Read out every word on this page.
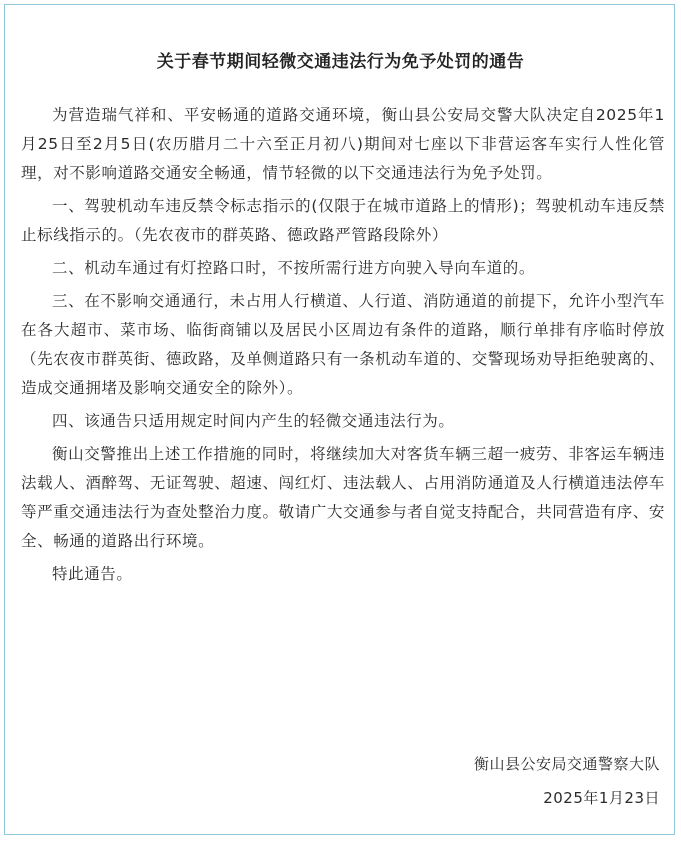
关于春节期间轻微交通违法行为免予处罚的通告

为营造瑞气祥和、平安畅通的道路交通环境，衡山县公安局交警大队决定自2025年1月25日至2月5日(农历腊月二十六至正月初八)期间对七座以下非营运客车实行人性化管理，对不影响道路交通安全畅通，情节轻微的以下交通违法行为免予处罚。

一、驾驶机动车违反禁令标志指示的(仅限于在城市道路上的情形)；驾驶机动车违反禁止标线指示的。（先农夜市的群英路、德政路严管路段除外）

二、机动车通过有灯控路口时，不按所需行进方向驶入导向车道的。

三、在不影响交通通行，未占用人行横道、人行道、消防通道的前提下，允许小型汽车在各大超市、菜市场、临街商铺以及居民小区周边有条件的道路，顺行单排有序临时停放（先农夜市群英街、德政路，及单侧道路只有一条机动车道的、交警现场劝导拒绝驶离的、造成交通拥堵及影响交通安全的除外）。

四、该通告只适用规定时间内产生的轻微交通违法行为。

衡山交警推出上述工作措施的同时，将继续加大对客货车辆三超一疲劳、非客运车辆违法载人、酒醉驾、无证驾驶、超速、闯红灯、违法载人、占用消防通道及人行横道违法停车等严重交通违法行为查处整治力度。敬请广大交通参与者自觉支持配合，共同营造有序、安全、畅通的道路出行环境。

特此通告。

衡山县公安局交通警察大队
2025年1月23日
